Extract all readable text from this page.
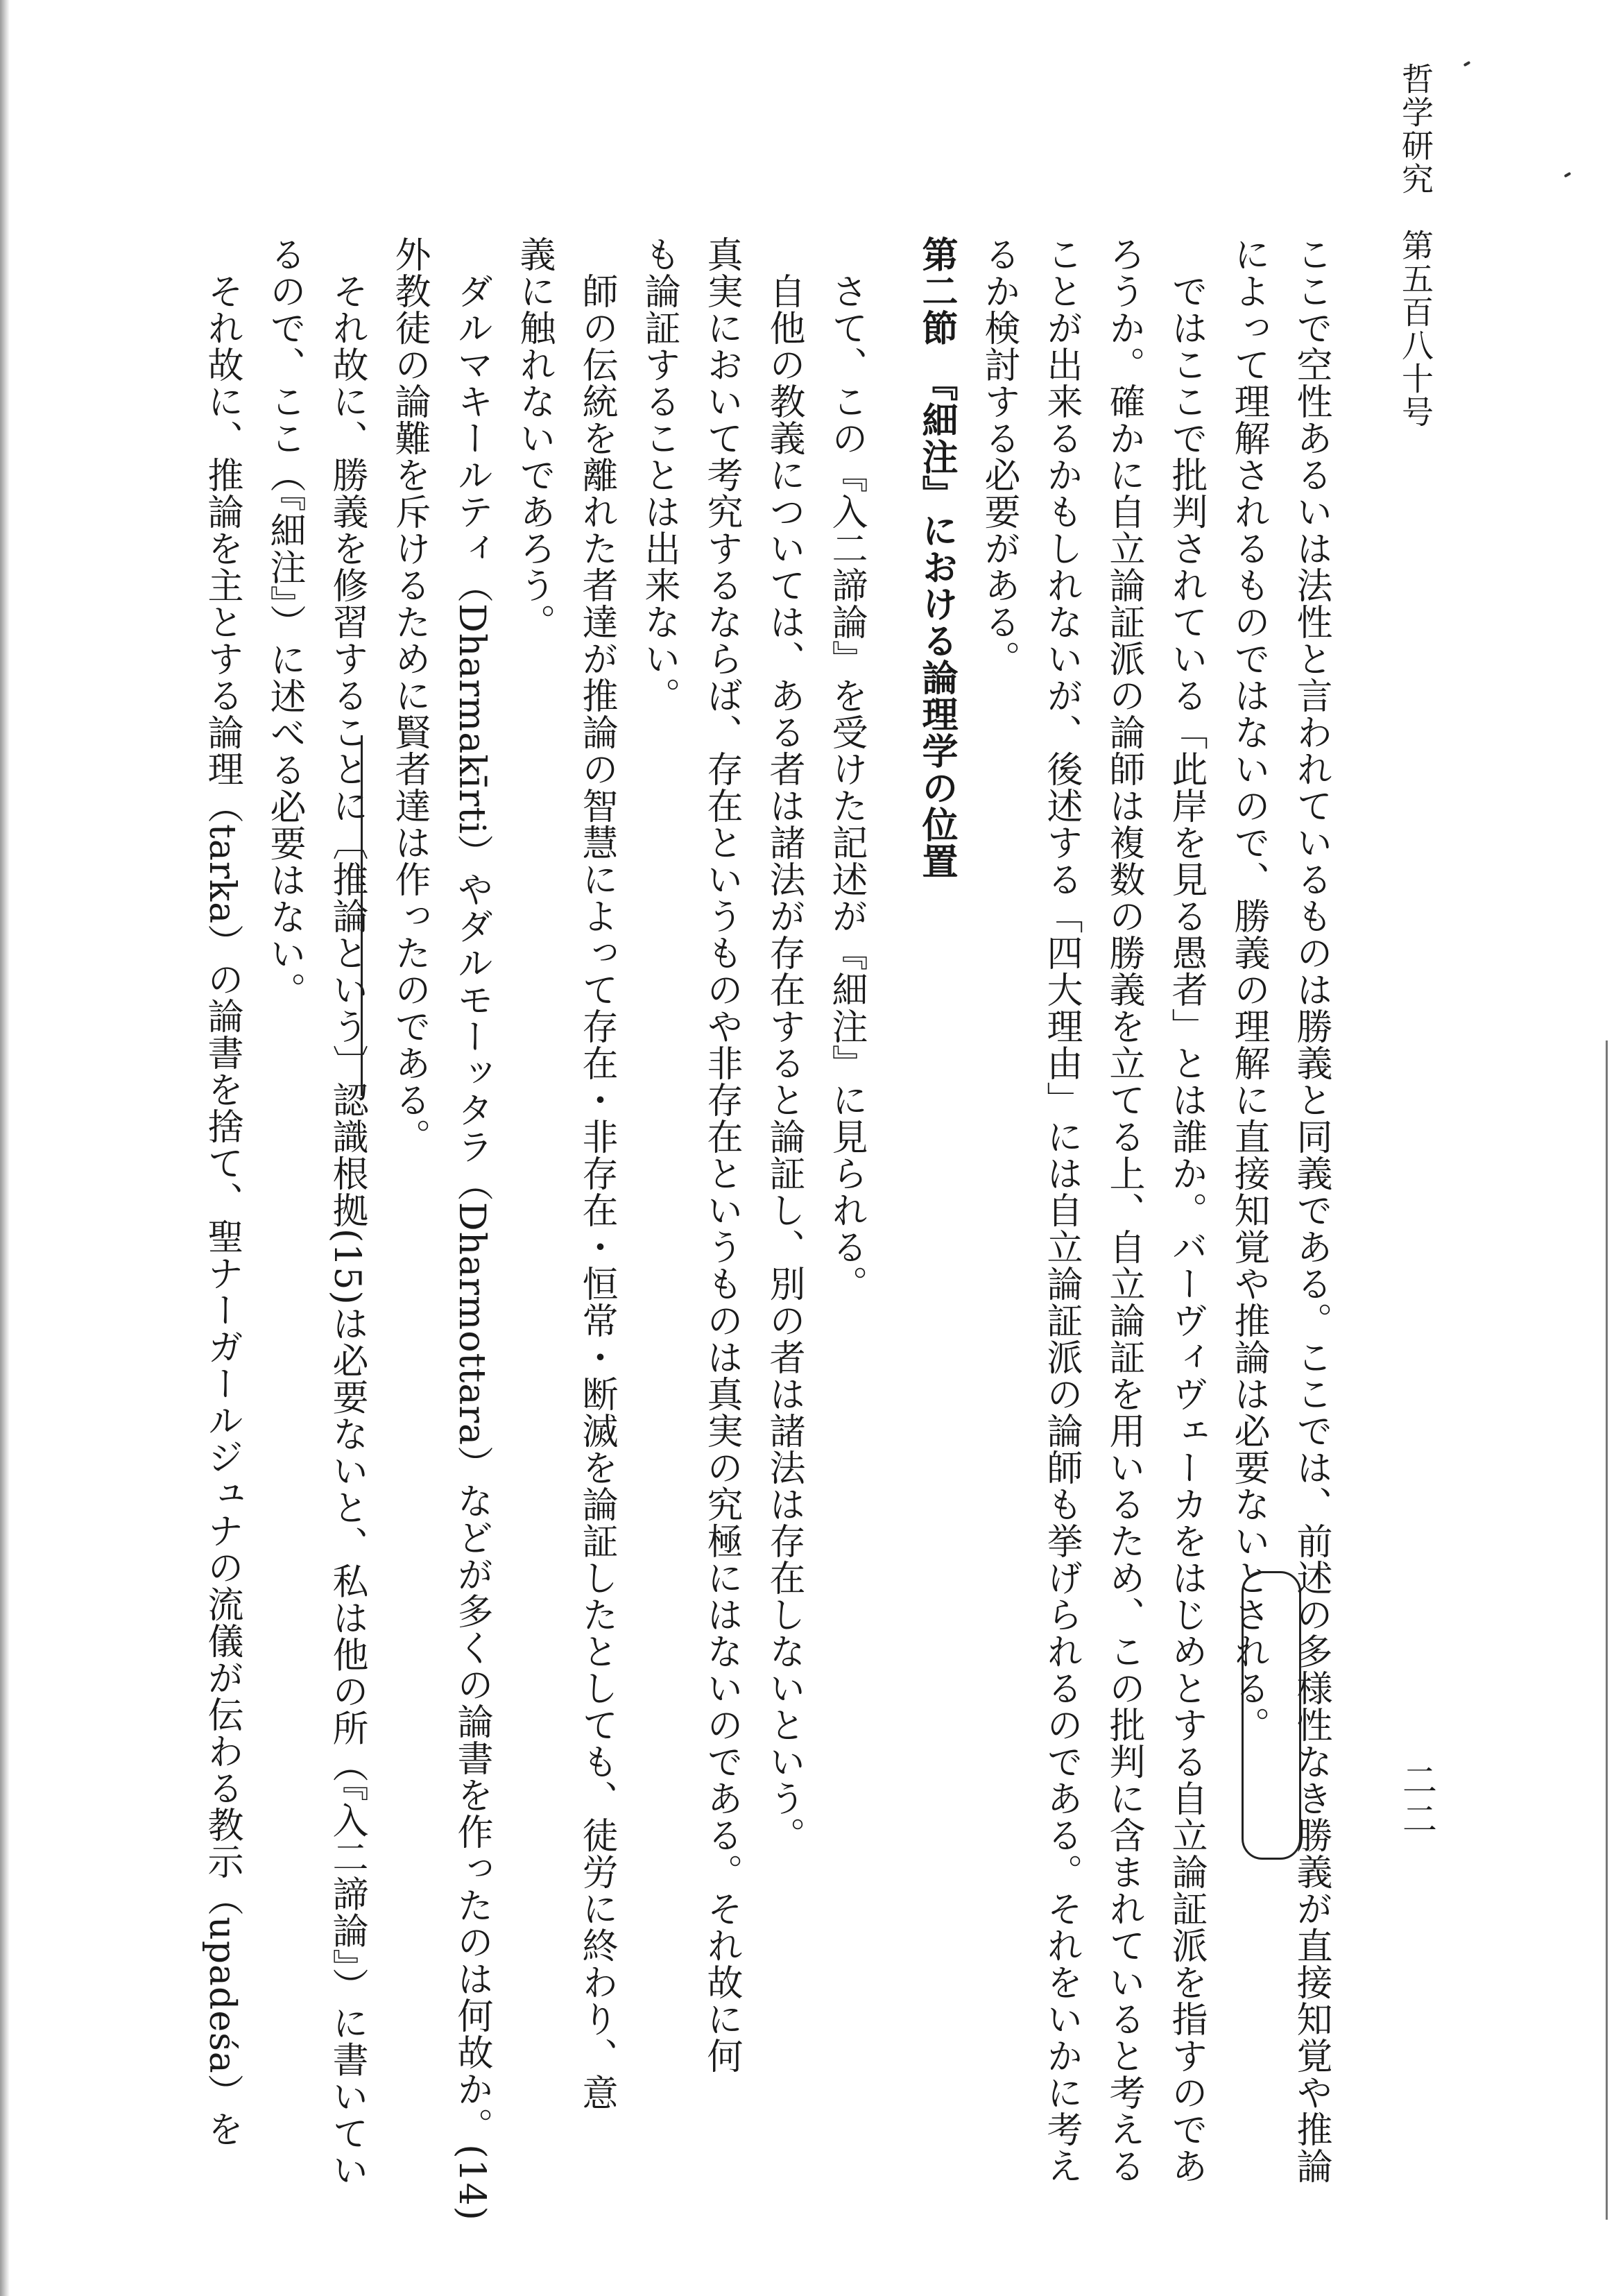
哲学研究　第五百八十号
二二

ここで空性あるいは法性と言われているものは勝義と同義である。ここでは、前述の多様性なき勝義が直接知覚や推論

によって理解されるものではないので、勝義の理解に直接知覚や推論は必要ないとされる。

　ではここで批判されている「此岸を見る愚者」とは誰か。バーヴィヴェーカをはじめとする自立論証派を指すのであ

ろうか。確かに自立論証派の論師は複数の勝義を立てる上、自立論証を用いるため、この批判に含まれていると考える

ことが出来るかもしれないが、後述する「四大理由」には自立論証派の論師も挙げられるのである。それをいかに考え

るか検討する必要がある。

第二節　『細注』における論理学の位置

　さて、この『入二諦論』を受けた記述が『細注』に見られる。

　自他の教義については、ある者は諸法が存在すると論証し、別の者は諸法は存在しないという。

真実において考究するならば、存在というものや非存在というものは真実の究極にはないのである。それ故に何

も論証することは出来ない。

　師の伝統を離れた者達が推論の智慧によって存在・非存在・恒常・断滅を論証したとしても、徒労に終わり、意

義に触れないであろう。

　ダルマキールティ（Dharmakīrti）やダルモーッタラ（Dharmottara）などが多くの論書を作ったのは何故か。(14)

外教徒の論難を斥けるために賢者達は作ったのである。

　それ故に、勝義を修習することに〔推論という〕認識根拠(15)は必要ないと、私は他の所（『入二諦論』）に書いてい

るので、ここ（『細注』）に述べる必要はない。

　それ故に、推論を主とする論理（tarka）の論書を捨て、聖ナーガールジュナの流儀が伝わる教示（upadeśa）を
